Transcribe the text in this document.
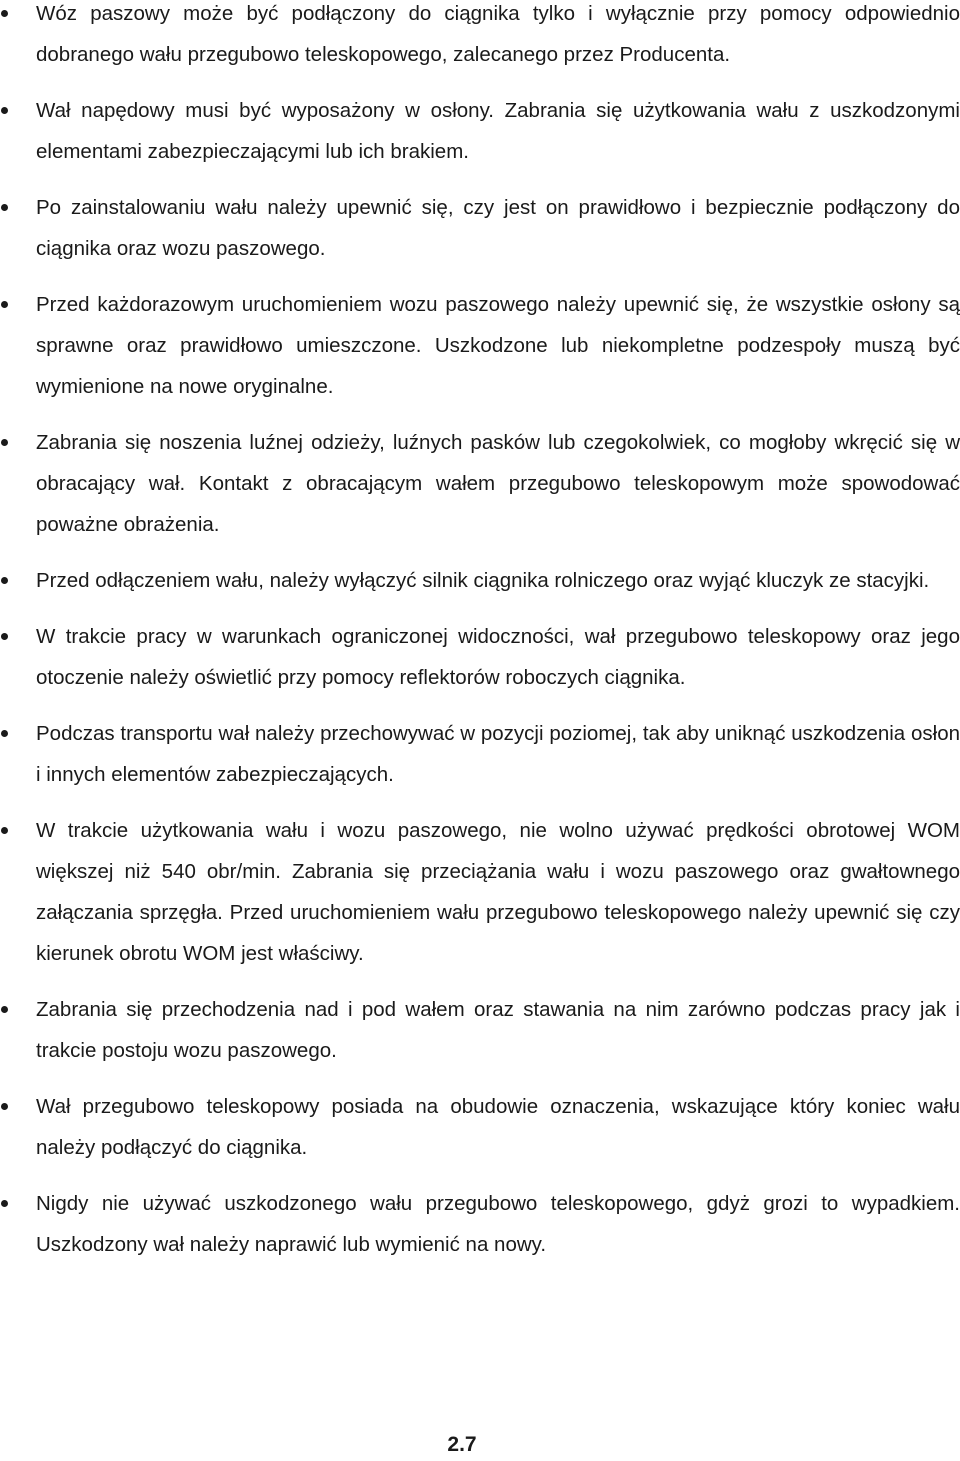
Wóz paszowy może być podłączony do ciągnika tylko i wyłącznie przy pomocy odpowiednio dobranego wału przegubowo teleskopowego, zalecanego przez Producenta.
Wał napędowy musi być wyposażony w osłony. Zabrania się użytkowania wału z uszkodzonymi elementami zabezpieczającymi lub ich brakiem.
Po zainstalowaniu wału należy upewnić się, czy jest on prawidłowo i bezpiecznie podłączony do ciągnika oraz wozu paszowego.
Przed każdorazowym uruchomieniem wozu paszowego należy upewnić się, że wszystkie osłony są sprawne oraz prawidłowo umieszczone. Uszkodzone lub niekompletne podzespoły muszą być wymienione na nowe oryginalne.
Zabrania się noszenia luźnej odzieży, luźnych pasków lub czegokolwiek, co mogłoby wkręcić się w obracający wał. Kontakt z obracającym wałem przegubowo teleskopowym może spowodować poważne obrażenia.
Przed odłączeniem wału, należy wyłączyć silnik ciągnika rolniczego oraz wyjąć kluczyk ze stacyjki.
W trakcie pracy w warunkach ograniczonej widoczności, wał przegubowo teleskopowy oraz jego otoczenie należy oświetlić przy pomocy reflektorów roboczych ciągnika.
Podczas transportu wał należy przechowywać w pozycji poziomej, tak aby uniknąć uszkodzenia osłon i innych elementów zabezpieczających.
W trakcie użytkowania wału i wozu paszowego, nie wolno używać prędkości obrotowej WOM większej niż 540 obr/min. Zabrania się przeciążania wału i wozu paszowego oraz gwałtownego załączania sprzęgła. Przed uruchomieniem wału przegubowo teleskopowego należy upewnić się czy kierunek obrotu WOM jest właściwy.
Zabrania się przechodzenia nad i pod wałem oraz stawania na nim zarówno podczas pracy jak i trakcie postoju wozu paszowego.
Wał przegubowo teleskopowy posiada na obudowie oznaczenia, wskazujące który koniec wału należy podłączyć do ciągnika.
Nigdy nie używać uszkodzonego wału przegubowo teleskopowego, gdyż grozi to wypadkiem. Uszkodzony wał należy naprawić lub wymienić na nowy.
2.7
